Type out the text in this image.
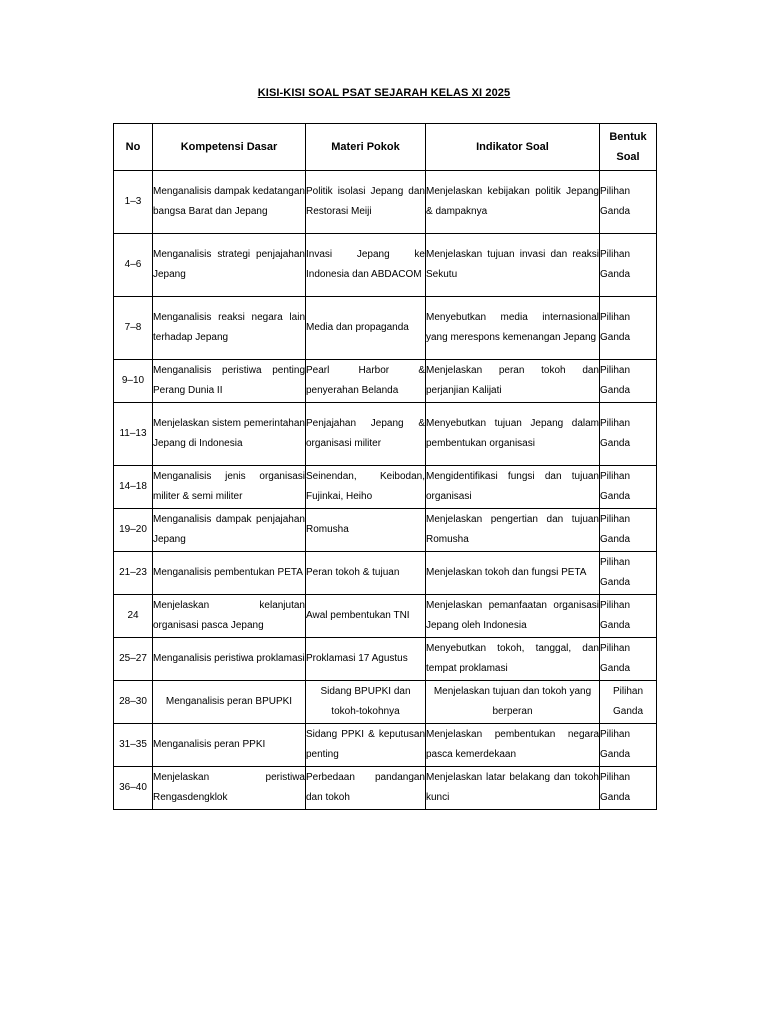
KISI-KISI SOAL PSAT SEJARAH KELAS XI 2025
No	Kompetensi Dasar	Materi Pokok	Indikator Soal	Bentuk Soal
1–3	Menganalisis dampak kedatangan bangsa Barat dan Jepang	Politik isolasi Jepang dan Restorasi Meiji	Menjelaskan kebijakan politik Jepang & dampaknya	Pilihan Ganda
4–6	Menganalisis strategi penjajahan Jepang	Invasi Jepang ke Indonesia dan ABDACOM	Menjelaskan tujuan invasi dan reaksi Sekutu	Pilihan Ganda
7–8	Menganalisis reaksi negara lain terhadap Jepang	Media dan propaganda	Menyebutkan media internasional yang merespons kemenangan Jepang	Pilihan Ganda
9–10	Menganalisis peristiwa penting Perang Dunia II	Pearl Harbor & penyerahan Belanda	Menjelaskan peran tokoh dan perjanjian Kalijati	Pilihan Ganda
11–13	Menjelaskan sistem pemerintahan Jepang di Indonesia	Penjajahan Jepang & organisasi militer	Menyebutkan tujuan Jepang dalam pembentukan organisasi	Pilihan Ganda
14–18	Menganalisis jenis organisasi militer & semi militer	Seinendan, Keibodan, Fujinkai, Heiho	Mengidentifikasi fungsi dan tujuan organisasi	Pilihan Ganda
19–20	Menganalisis dampak penjajahan Jepang	Romusha	Menjelaskan pengertian dan tujuan Romusha	Pilihan Ganda
21–23	Menganalisis pembentukan PETA	Peran tokoh & tujuan	Menjelaskan tokoh dan fungsi PETA	Pilihan Ganda
24	Menjelaskan kelanjutan organisasi pasca Jepang	Awal pembentukan TNI	Menjelaskan pemanfaatan organisasi Jepang oleh Indonesia	Pilihan Ganda
25–27	Menganalisis peristiwa proklamasi	Proklamasi 17 Agustus	Menyebutkan tokoh, tanggal, dan tempat proklamasi	Pilihan Ganda
28–30	Menganalisis peran BPUPKI	Sidang BPUPKI dan tokoh-tokohnya	Menjelaskan tujuan dan tokoh yang berperan	Pilihan Ganda
31–35	Menganalisis peran PPKI	Sidang PPKI & keputusan penting	Menjelaskan pembentukan negara pasca kemerdekaan	Pilihan Ganda
36–40	Menjelaskan peristiwa Rengasdengklok	Perbedaan pandangan dan tokoh	Menjelaskan latar belakang dan tokoh kunci	Pilihan Ganda
